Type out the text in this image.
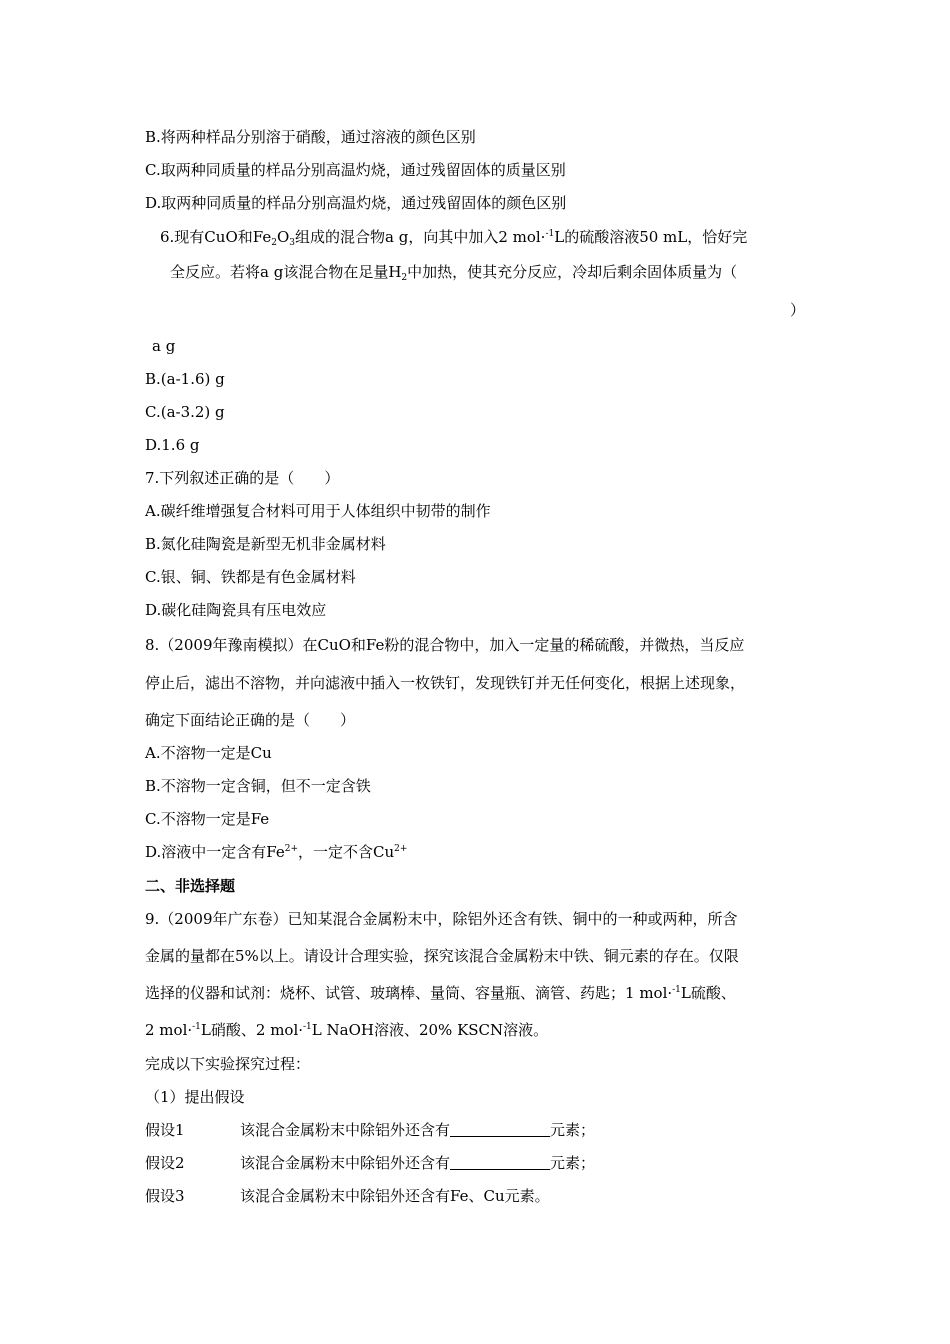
B.将两种样品分别溶于硝酸，通过溶液的颜色区别
C.取两种同质量的样品分别高温灼烧，通过残留固体的质量区别
D.取两种同质量的样品分别高温灼烧，通过残留固体的颜色区别
6.现有CuO和$Fe_2O_3$组成的混合物a g，向其中加入2 mol·$^{-1}$L的硫酸溶液50 mL，恰好完
全反应。若将a g该混合物在足量$H_2$中加热，使其充分反应，冷却后剩余固体质量为（
）
a g
B.(a-1.6) g
C.(a-3.2) g
D.1.6 g
7.下列叙述正确的是（　　）
A.碳纤维增强复合材料可用于人体组织中韧带的制作
B.氮化硅陶瓷是新型无机非金属材料
C.银、铜、铁都是有色金属材料
D.碳化硅陶瓷具有压电效应
8.（2009年豫南模拟）在CuO和Fe粉的混合物中，加入一定量的稀硫酸，并微热，当反应
停止后，滤出不溶物，并向滤液中插入一枚铁钉，发现铁钉并无任何变化，根据上述现象，
确定下面结论正确的是（　　）
A.不溶物一定是Cu
B.不溶物一定含铜，但不一定含铁
C.不溶物一定是Fe
D.溶液中一定含有$Fe^{2+}$，一定不含$Cu^{2+}$
二、非选择题
9.（2009年广东卷）已知某混合金属粉末中，除铝外还含有铁、铜中的一种或两种，所含
金属的量都在5%以上。请设计合理实验，探究该混合金属粉末中铁、铜元素的存在。仅限
选择的仪器和试剂：烧杯、试管、玻璃棒、量筒、容量瓶、滴管、药匙；1 mol·$^{-1}$L硫酸、
2 mol·$^{-1}$L硝酸、2 mol·$^{-1}$L NaOH溶液、20% KSCN溶液。
完成以下实验探究过程：
（1）提出假设
假设1	该混合金属粉末中除铝外还含有	元素；
假设2	该混合金属粉末中除铝外还含有	元素；
假设3	该混合金属粉末中除铝外还含有Fe、Cu元素。
